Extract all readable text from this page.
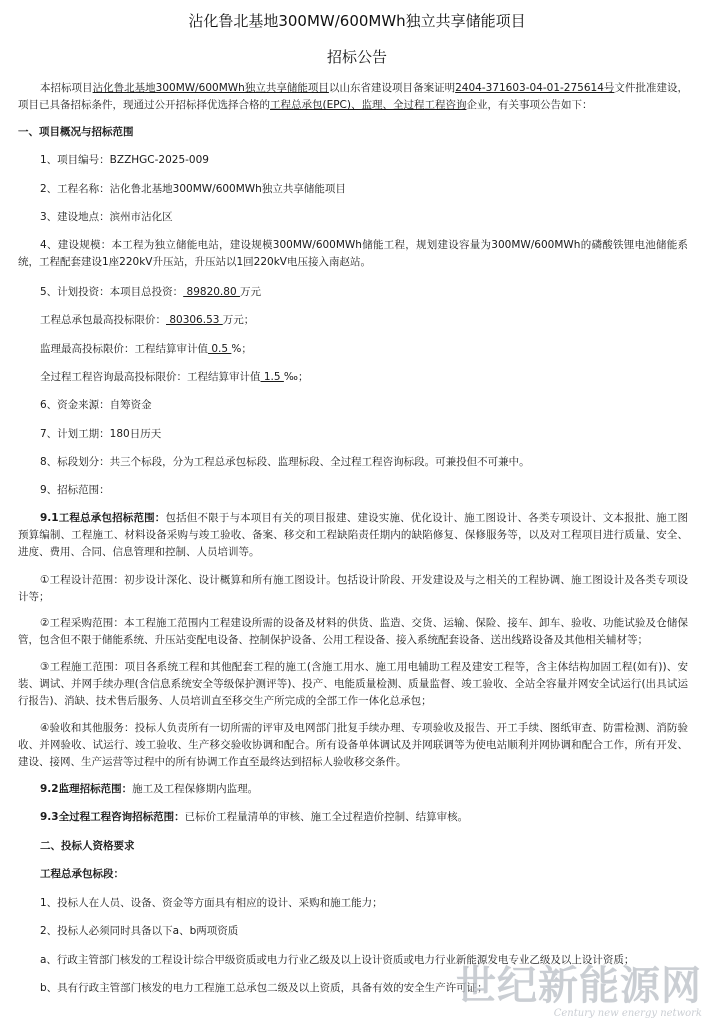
沾化鲁北基地300MW/600MWh独立共享储能项目
招标公告
本招标项目沾化鲁北基地300MW/600MWh独立共享储能项目以山东省建设项目备案证明2404-371603-04-01-275614号文件批准建设，项目已具备招标条件，现通过公开招标择优选择合格的工程总承包(EPC)、监理、全过程工程咨询企业，有关事项公告如下：
一、项目概况与招标范围
1、项目编号：BZZHGC-2025-009
2、工程名称：沾化鲁北基地300MW/600MWh独立共享储能项目
3、建设地点：滨州市沾化区
4、建设规模：本工程为独立储能电站，建设规模300MW/600MWh储能工程，规划建设容量为300MW/600MWh的磷酸铁锂电池储能系统，工程配套建设1座220kV升压站，升压站以1回220kV电压接入南赵站。
5、计划投资：本项目总投资： 89820.80 万元
工程总承包最高投标限价： 80306.53 万元；
监理最高投标限价：工程结算审计值 0.5 %；
全过程工程咨询最高投标限价：工程结算审计值 1.5 ‰；
6、资金来源：自筹资金
7、计划工期：180日历天
8、标段划分：共三个标段，分为工程总承包标段、监理标段、全过程工程咨询标段。可兼投但不可兼中。
9、招标范围：
9.1工程总承包招标范围：包括但不限于与本项目有关的项目报建、建设实施、优化设计、施工图设计、各类专项设计、文本报批、施工图预算编制、工程施工、材料设备采购与竣工验收、备案、移交和工程缺陷责任期内的缺陷修复、保修服务等，以及对工程项目进行质量、安全、进度、费用、合同、信息管理和控制、人员培训等。
①工程设计范围：初步设计深化、设计概算和所有施工图设计。包括设计阶段、开发建设及与之相关的工程协调、施工图设计及各类专项设计等；
②工程采购范围：本工程施工范围内工程建设所需的设备及材料的供货、监造、交货、运输、保险、接车、卸车、验收、功能试验及仓储保管，包含但不限于储能系统、升压站变配电设备、控制保护设备、公用工程设备、接入系统配套设备、送出线路设备及其他相关辅材等；
③工程施工范围：项目各系统工程和其他配套工程的施工(含施工用水、施工用电辅助工程及建安工程等，含主体结构加固工程(如有))、安装、调试、并网手续办理(含信息系统安全等级保护测评等)、投产、电能质量检测、质量监督、竣工验收、全站全容量并网安全试运行(出具试运行报告)、消缺、技术售后服务、人员培训直至移交生产所完成的全部工作一体化总承包；
④验收和其他服务：投标人负责所有一切所需的评审及电网部门批复手续办理、专项验收及报告、开工手续、图纸审查、防雷检测、消防验收、并网验收、试运行、竣工验收、生产移交验收协调和配合。所有设备单体调试及并网联调等为使电站顺利并网协调和配合工作，所有开发、建设、接网、生产运营等过程中的所有协调工作直至最终达到招标人验收移交条件。
9.2监理招标范围：施工及工程保修期内监理。
9.3全过程工程咨询招标范围：已标价工程量清单的审核、施工全过程造价控制、结算审核。
二、投标人资格要求
工程总承包标段：
1、投标人在人员、设备、资金等方面具有相应的设计、采购和施工能力；
2、投标人必须同时具备以下a、b两项资质
a、行政主管部门核发的工程设计综合甲级资质或电力行业乙级及以上设计资质或电力行业新能源发电专业乙级及以上设计资质；
b、具有行政主管部门核发的电力工程施工总承包二级及以上资质，具备有效的安全生产许可证；
世纪新能源网
Century new energy network
